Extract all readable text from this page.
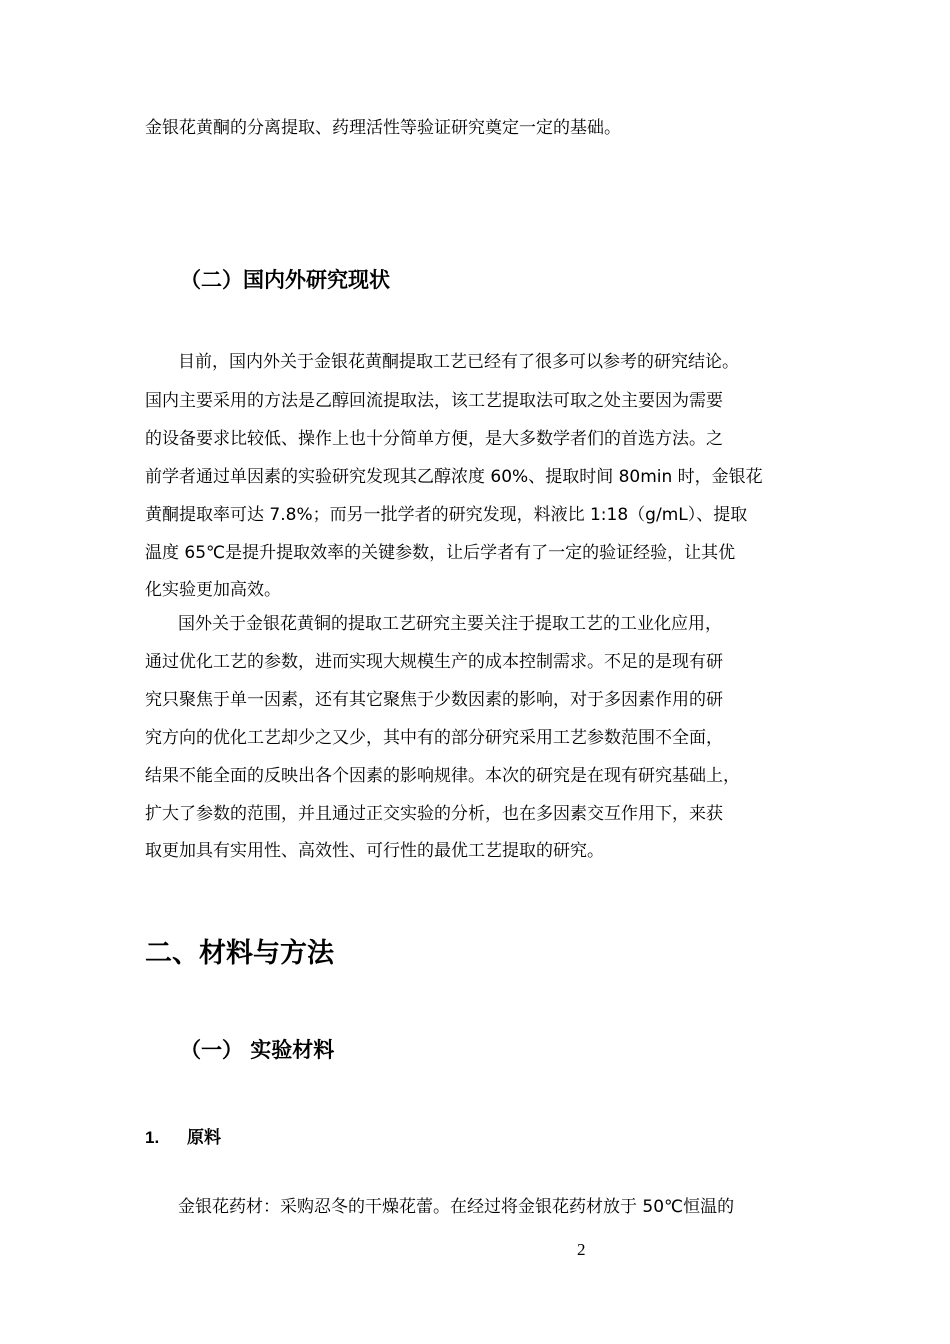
金银花黄酮的分离提取、药理活性等验证研究奠定一定的基础。
（二）国内外研究现状
目前，国内外关于金银花黄酮提取工艺已经有了很多可以参考的研究结论。
国内主要采用的方法是乙醇回流提取法，该工艺提取法可取之处主要因为需要
的设备要求比较低、操作上也十分简单方便，是大多数学者们的首选方法。之
前学者通过单因素的实验研究发现其乙醇浓度 60%、提取时间 80min 时，金银花
黄酮提取率可达 7.8%；而另一批学者的研究发现，料液比 1:18（g/mL）、提取
温度 65℃是提升提取效率的关键参数，让后学者有了一定的验证经验，让其优
化实验更加高效。
国外关于金银花黄铜的提取工艺研究主要关注于提取工艺的工业化应用，
通过优化工艺的参数，进而实现大规模生产的成本控制需求。不足的是现有研
究只聚焦于单一因素，还有其它聚焦于少数因素的影响，对于多因素作用的研
究方向的优化工艺却少之又少，其中有的部分研究采用工艺参数范围不全面，
结果不能全面的反映出各个因素的影响规律。本次的研究是在现有研究基础上，
扩大了参数的范围，并且通过正交实验的分析，也在多因素交互作用下，来获
取更加具有实用性、高效性、可行性的最优工艺提取的研究。
二、材料与方法
（一） 实验材料
1. 原料
金银花药材：采购忍冬的干燥花蕾。在经过将金银花药材放于 50℃恒温的
2
